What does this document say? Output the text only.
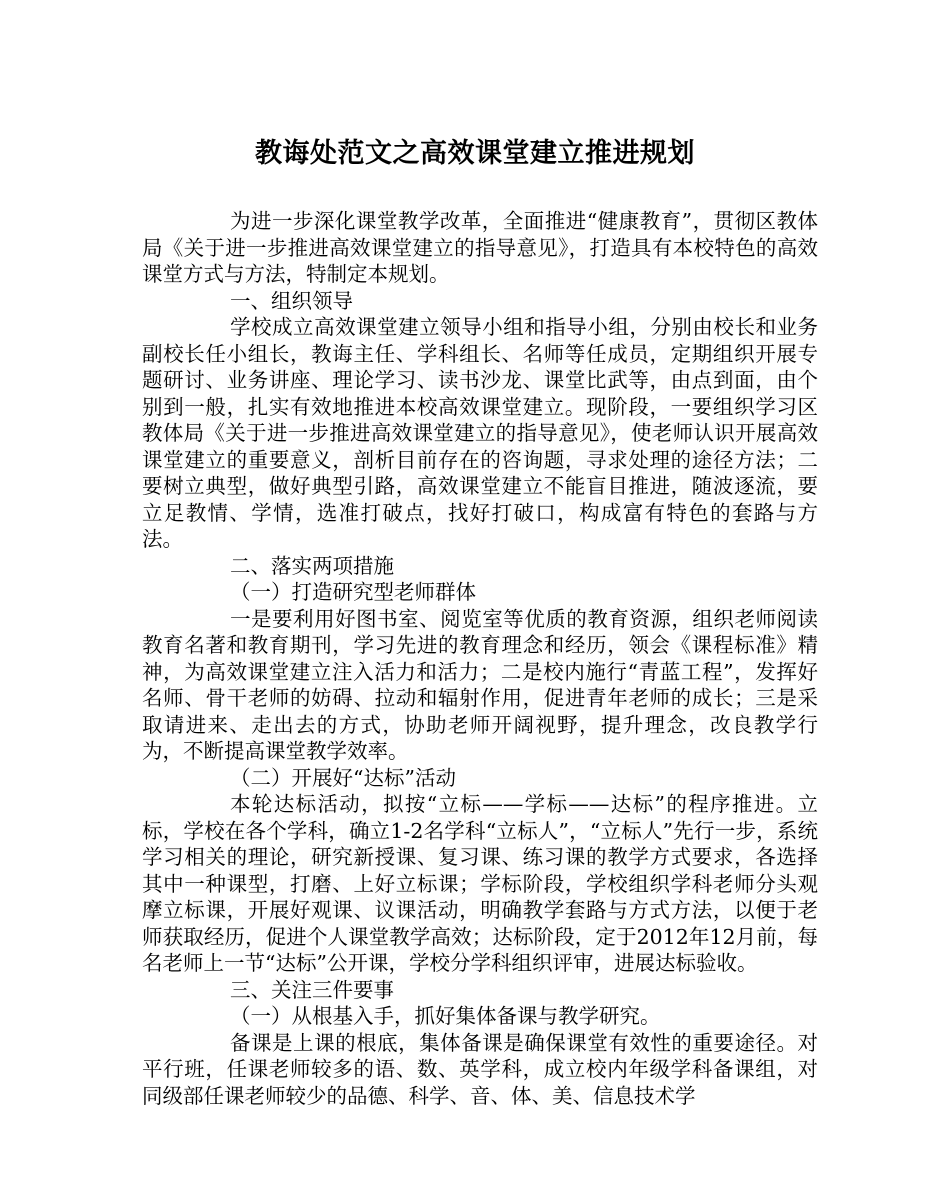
教诲处范文之高效课堂建立推进规划

为进一步深化课堂教学改革，全面推进“健康教育”，贯彻区教体局《关于进一步推进高效课堂建立的指导意见》，打造具有本校特色的高效课堂方式与方法，特制定本规划。

一、组织领导

学校成立高效课堂建立领导小组和指导小组，分别由校长和业务副校长任小组长，教诲主任、学科组长、名师等任成员，定期组织开展专题研讨、业务讲座、理论学习、读书沙龙、课堂比武等，由点到面，由个别到一般，扎实有效地推进本校高效课堂建立。现阶段，一要组织学习区教体局《关于进一步推进高效课堂建立的指导意见》，使老师认识开展高效课堂建立的重要意义，剖析目前存在的咨询题，寻求处理的途径方法；二要树立典型，做好典型引路，高效课堂建立不能盲目推进，随波逐流，要立足教情、学情，选准打破点，找好打破口，构成富有特色的套路与方法。

二、落实两项措施

（一）打造研究型老师群体

一是要利用好图书室、阅览室等优质的教育资源，组织老师阅读教育名著和教育期刊，学习先进的教育理念和经历，领会《课程标准》精神，为高效课堂建立注入活力和活力；二是校内施行“青蓝工程”，发挥好名师、骨干老师的妨碍、拉动和辐射作用，促进青年老师的成长；三是采取请进来、走出去的方式，协助老师开阔视野，提升理念，改良教学行为，不断提高课堂教学效率。

（二）开展好“达标”活动

本轮达标活动，拟按“立标——学标——达标”的程序推进。立标，学校在各个学科，确立1-2名学科“立标人”，“立标人”先行一步，系统学习相关的理论，研究新授课、复习课、练习课的教学方式要求，各选择其中一种课型，打磨、上好立标课；学标阶段，学校组织学科老师分头观摩立标课，开展好观课、议课活动，明确教学套路与方式方法，以便于老师获取经历，促进个人课堂教学高效；达标阶段，定于2012年12月前，每名老师上一节“达标”公开课，学校分学科组织评审，进展达标验收。

三、关注三件要事

（一）从根基入手，抓好集体备课与教学研究。

备课是上课的根底，集体备课是确保课堂有效性的重要途径。对平行班，任课老师较多的语、数、英学科，成立校内年级学科备课组，对同级部任课老师较少的品德、科学、音、体、美、信息技术学
